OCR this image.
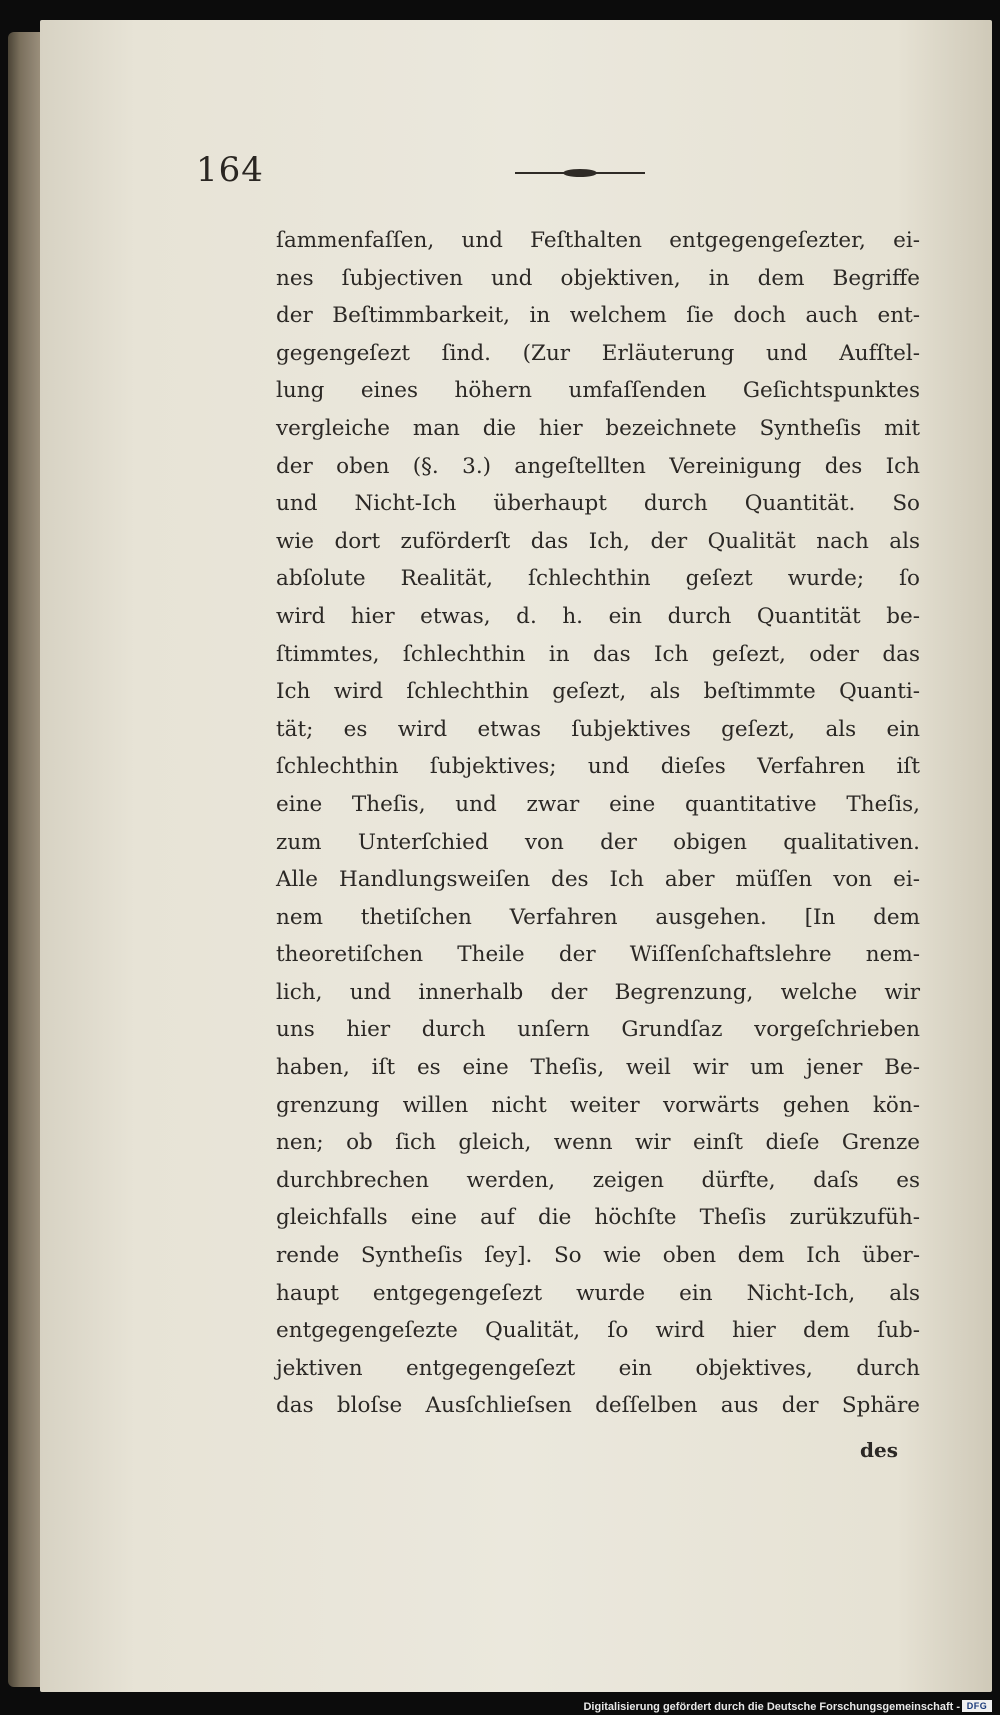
164
ſammenfaſſen, und Feſthalten entgegengeſezter, ei-
nes ſubjectiven und objektiven, in dem Begriffe
der Beſtimmbarkeit, in welchem ſie doch auch ent-
gegengeſezt ſind. (Zur Erläuterung und Aufſtel-
lung eines höhern umfaſſenden Geſichtspunktes
vergleiche man die hier bezeichnete Syntheſis mit
der oben (§. 3.) angeſtellten Vereinigung des Ich
und Nicht-Ich überhaupt durch Quantität. So
wie dort zuförderſt das Ich, der Qualität nach als
abſolute Realität, ſchlechthin geſezt wurde; ſo
wird hier etwas, d. h. ein durch Quantität be-
ſtimmtes, ſchlechthin in das Ich geſezt, oder das
Ich wird ſchlechthin geſezt, als beſtimmte Quanti-
tät; es wird etwas ſubjektives geſezt, als ein
ſchlechthin ſubjektives; und dieſes Verfahren iſt
eine Theſis, und zwar eine quantitative Theſis,
zum Unterſchied von der obigen qualitativen.
Alle Handlungsweiſen des Ich aber müſſen von ei-
nem thetiſchen Verfahren ausgehen. [In dem
theoretiſchen Theile der Wiſſenſchaftslehre nem-
lich, und innerhalb der Begrenzung, welche wir
uns hier durch unſern Grundſaz vorgeſchrieben
haben, iſt es eine Theſis, weil wir um jener Be-
grenzung willen nicht weiter vorwärts gehen kön-
nen; ob ſich gleich, wenn wir einſt dieſe Grenze
durchbrechen werden, zeigen dürfte, daſs es
gleichfalls eine auf die höchſte Theſis zurükzufüh-
rende Syntheſis ſey]. So wie oben dem Ich über-
haupt entgegengeſezt wurde ein Nicht-Ich, als
entgegengeſezte Qualität, ſo wird hier dem ſub-
jektiven entgegengeſezt ein objektives, durch
das bloſse Ausſchlieſsen deſſelben aus der Sphäre
des
Digitalisierung gefördert durch die Deutsche Forschungsgemeinschaft - DFG
